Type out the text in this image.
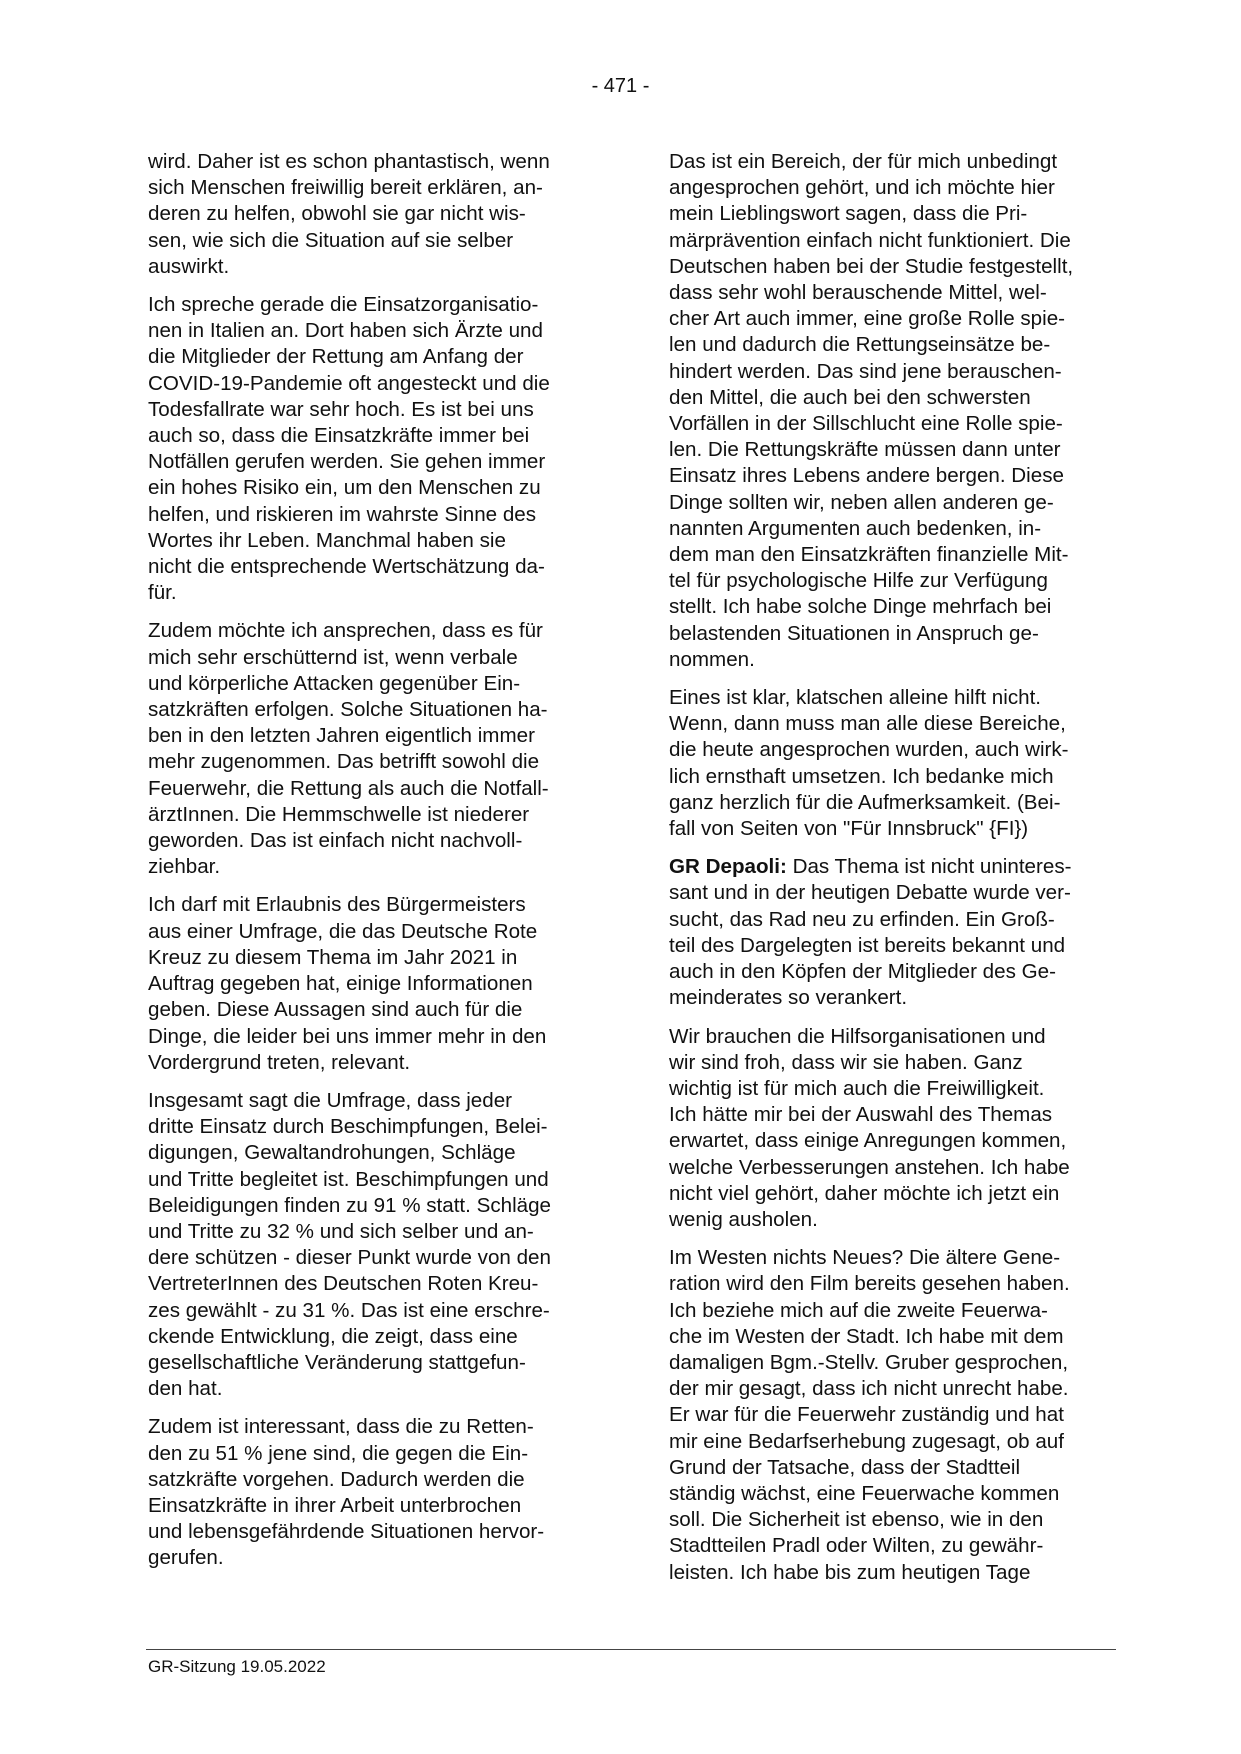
- 471 -

wird. Daher ist es schon phantastisch, wenn
sich Menschen freiwillig bereit erklären, an-
deren zu helfen, obwohl sie gar nicht wis-
sen, wie sich die Situation auf sie selber
auswirkt.

Ich spreche gerade die Einsatzorganisatio-
nen in Italien an. Dort haben sich Ärzte und
die Mitglieder der Rettung am Anfang der
COVID-19-Pandemie oft angesteckt und die
Todesfallrate war sehr hoch. Es ist bei uns
auch so, dass die Einsatzkräfte immer bei
Notfällen gerufen werden. Sie gehen immer
ein hohes Risiko ein, um den Menschen zu
helfen, und riskieren im wahrste Sinne des
Wortes ihr Leben. Manchmal haben sie
nicht die entsprechende Wertschätzung da-
für.

Zudem möchte ich ansprechen, dass es für
mich sehr erschütternd ist, wenn verbale
und körperliche Attacken gegenüber Ein-
satzkräften erfolgen. Solche Situationen ha-
ben in den letzten Jahren eigentlich immer
mehr zugenommen. Das betrifft sowohl die
Feuerwehr, die Rettung als auch die Notfall-
ärztInnen. Die Hemmschwelle ist niederer
geworden. Das ist einfach nicht nachvoll-
ziehbar.

Ich darf mit Erlaubnis des Bürgermeisters
aus einer Umfrage, die das Deutsche Rote
Kreuz zu diesem Thema im Jahr 2021 in
Auftrag gegeben hat, einige Informationen
geben. Diese Aussagen sind auch für die
Dinge, die leider bei uns immer mehr in den
Vordergrund treten, relevant.

Insgesamt sagt die Umfrage, dass jeder
dritte Einsatz durch Beschimpfungen, Belei-
digungen, Gewaltandrohungen, Schläge
und Tritte begleitet ist. Beschimpfungen und
Beleidigungen finden zu 91 % statt. Schläge
und Tritte zu 32 % und sich selber und an-
dere schützen - dieser Punkt wurde von den
VertreterInnen des Deutschen Roten Kreu-
zes gewählt - zu 31 %. Das ist eine erschre-
ckende Entwicklung, die zeigt, dass eine
gesellschaftliche Veränderung stattgefun-
den hat.

Zudem ist interessant, dass die zu Retten-
den zu 51 % jene sind, die gegen die Ein-
satzkräfte vorgehen. Dadurch werden die
Einsatzkräfte in ihrer Arbeit unterbrochen
und lebensgefährdende Situationen hervor-
gerufen.

Das ist ein Bereich, der für mich unbedingt
angesprochen gehört, und ich möchte hier
mein Lieblingswort sagen, dass die Pri-
märprävention einfach nicht funktioniert. Die
Deutschen haben bei der Studie festgestellt,
dass sehr wohl berauschende Mittel, wel-
cher Art auch immer, eine große Rolle spie-
len und dadurch die Rettungseinsätze be-
hindert werden. Das sind jene berauschen-
den Mittel, die auch bei den schwersten
Vorfällen in der Sillschlucht eine Rolle spie-
len. Die Rettungskräfte müssen dann unter
Einsatz ihres Lebens andere bergen. Diese
Dinge sollten wir, neben allen anderen ge-
nannten Argumenten auch bedenken, in-
dem man den Einsatzkräften finanzielle Mit-
tel für psychologische Hilfe zur Verfügung
stellt. Ich habe solche Dinge mehrfach bei
belastenden Situationen in Anspruch ge-
nommen.

Eines ist klar, klatschen alleine hilft nicht.
Wenn, dann muss man alle diese Bereiche,
die heute angesprochen wurden, auch wirk-
lich ernsthaft umsetzen. Ich bedanke mich
ganz herzlich für die Aufmerksamkeit. (Bei-
fall von Seiten von "Für Innsbruck" {FI})

GR Depaoli: Das Thema ist nicht uninteres-
sant und in der heutigen Debatte wurde ver-
sucht, das Rad neu zu erfinden. Ein Groß-
teil des Dargelegten ist bereits bekannt und
auch in den Köpfen der Mitglieder des Ge-
meinderates so verankert.

Wir brauchen die Hilfsorganisationen und
wir sind froh, dass wir sie haben. Ganz
wichtig ist für mich auch die Freiwilligkeit.
Ich hätte mir bei der Auswahl des Themas
erwartet, dass einige Anregungen kommen,
welche Verbesserungen anstehen. Ich habe
nicht viel gehört, daher möchte ich jetzt ein
wenig ausholen.

Im Westen nichts Neues? Die ältere Gene-
ration wird den Film bereits gesehen haben.
Ich beziehe mich auf die zweite Feuerwa-
che im Westen der Stadt. Ich habe mit dem
damaligen Bgm.-Stellv. Gruber gesprochen,
der mir gesagt, dass ich nicht unrecht habe.
Er war für die Feuerwehr zuständig und hat
mir eine Bedarfserhebung zugesagt, ob auf
Grund der Tatsache, dass der Stadtteil
ständig wächst, eine Feuerwache kommen
soll. Die Sicherheit ist ebenso, wie in den
Stadtteilen Pradl oder Wilten, zu gewähr-
leisten. Ich habe bis zum heutigen Tage

GR-Sitzung 19.05.2022
